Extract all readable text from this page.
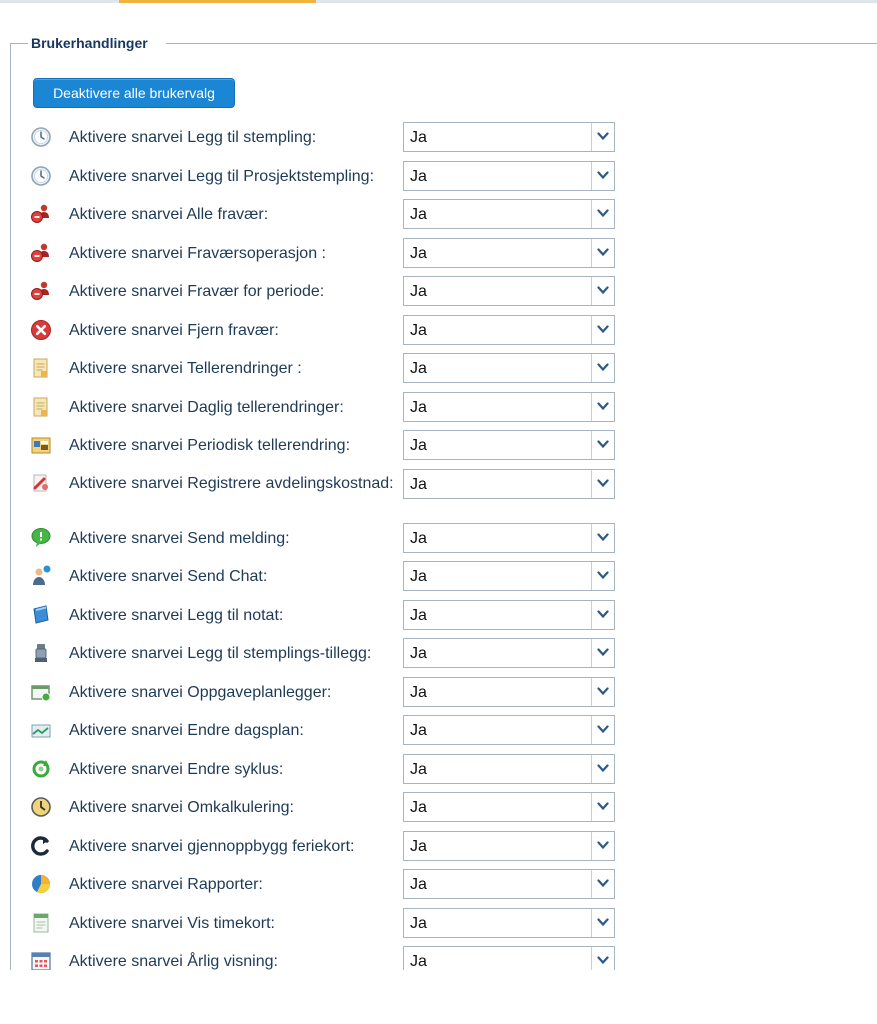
Brukerhandlinger
Deaktivere alle brukervalg
Aktivere snarvei Legg til stempling:	Ja
Aktivere snarvei Legg til Prosjektstempling:	Ja
Aktivere snarvei Alle fravær:	Ja
Aktivere snarvei Fraværsoperasjon :	Ja
Aktivere snarvei Fravær for periode:	Ja
Aktivere snarvei Fjern fravær:	Ja
Aktivere snarvei Tellerendringer :	Ja
Aktivere snarvei Daglig tellerendringer:	Ja
Aktivere snarvei Periodisk tellerendring:	Ja
Aktivere snarvei Registrere avdelingskostnad:	Ja
Aktivere snarvei Send melding:	Ja
Aktivere snarvei Send Chat:	Ja
Aktivere snarvei Legg til notat:	Ja
Aktivere snarvei Legg til stemplings-tillegg:	Ja
Aktivere snarvei Oppgaveplanlegger:	Ja
Aktivere snarvei Endre dagsplan:	Ja
Aktivere snarvei Endre syklus:	Ja
Aktivere snarvei Omkalkulering:	Ja
Aktivere snarvei gjennoppbygg feriekort:	Ja
Aktivere snarvei Rapporter:	Ja
Aktivere snarvei Vis timekort:	Ja
Aktivere snarvei Årlig visning:	Ja
